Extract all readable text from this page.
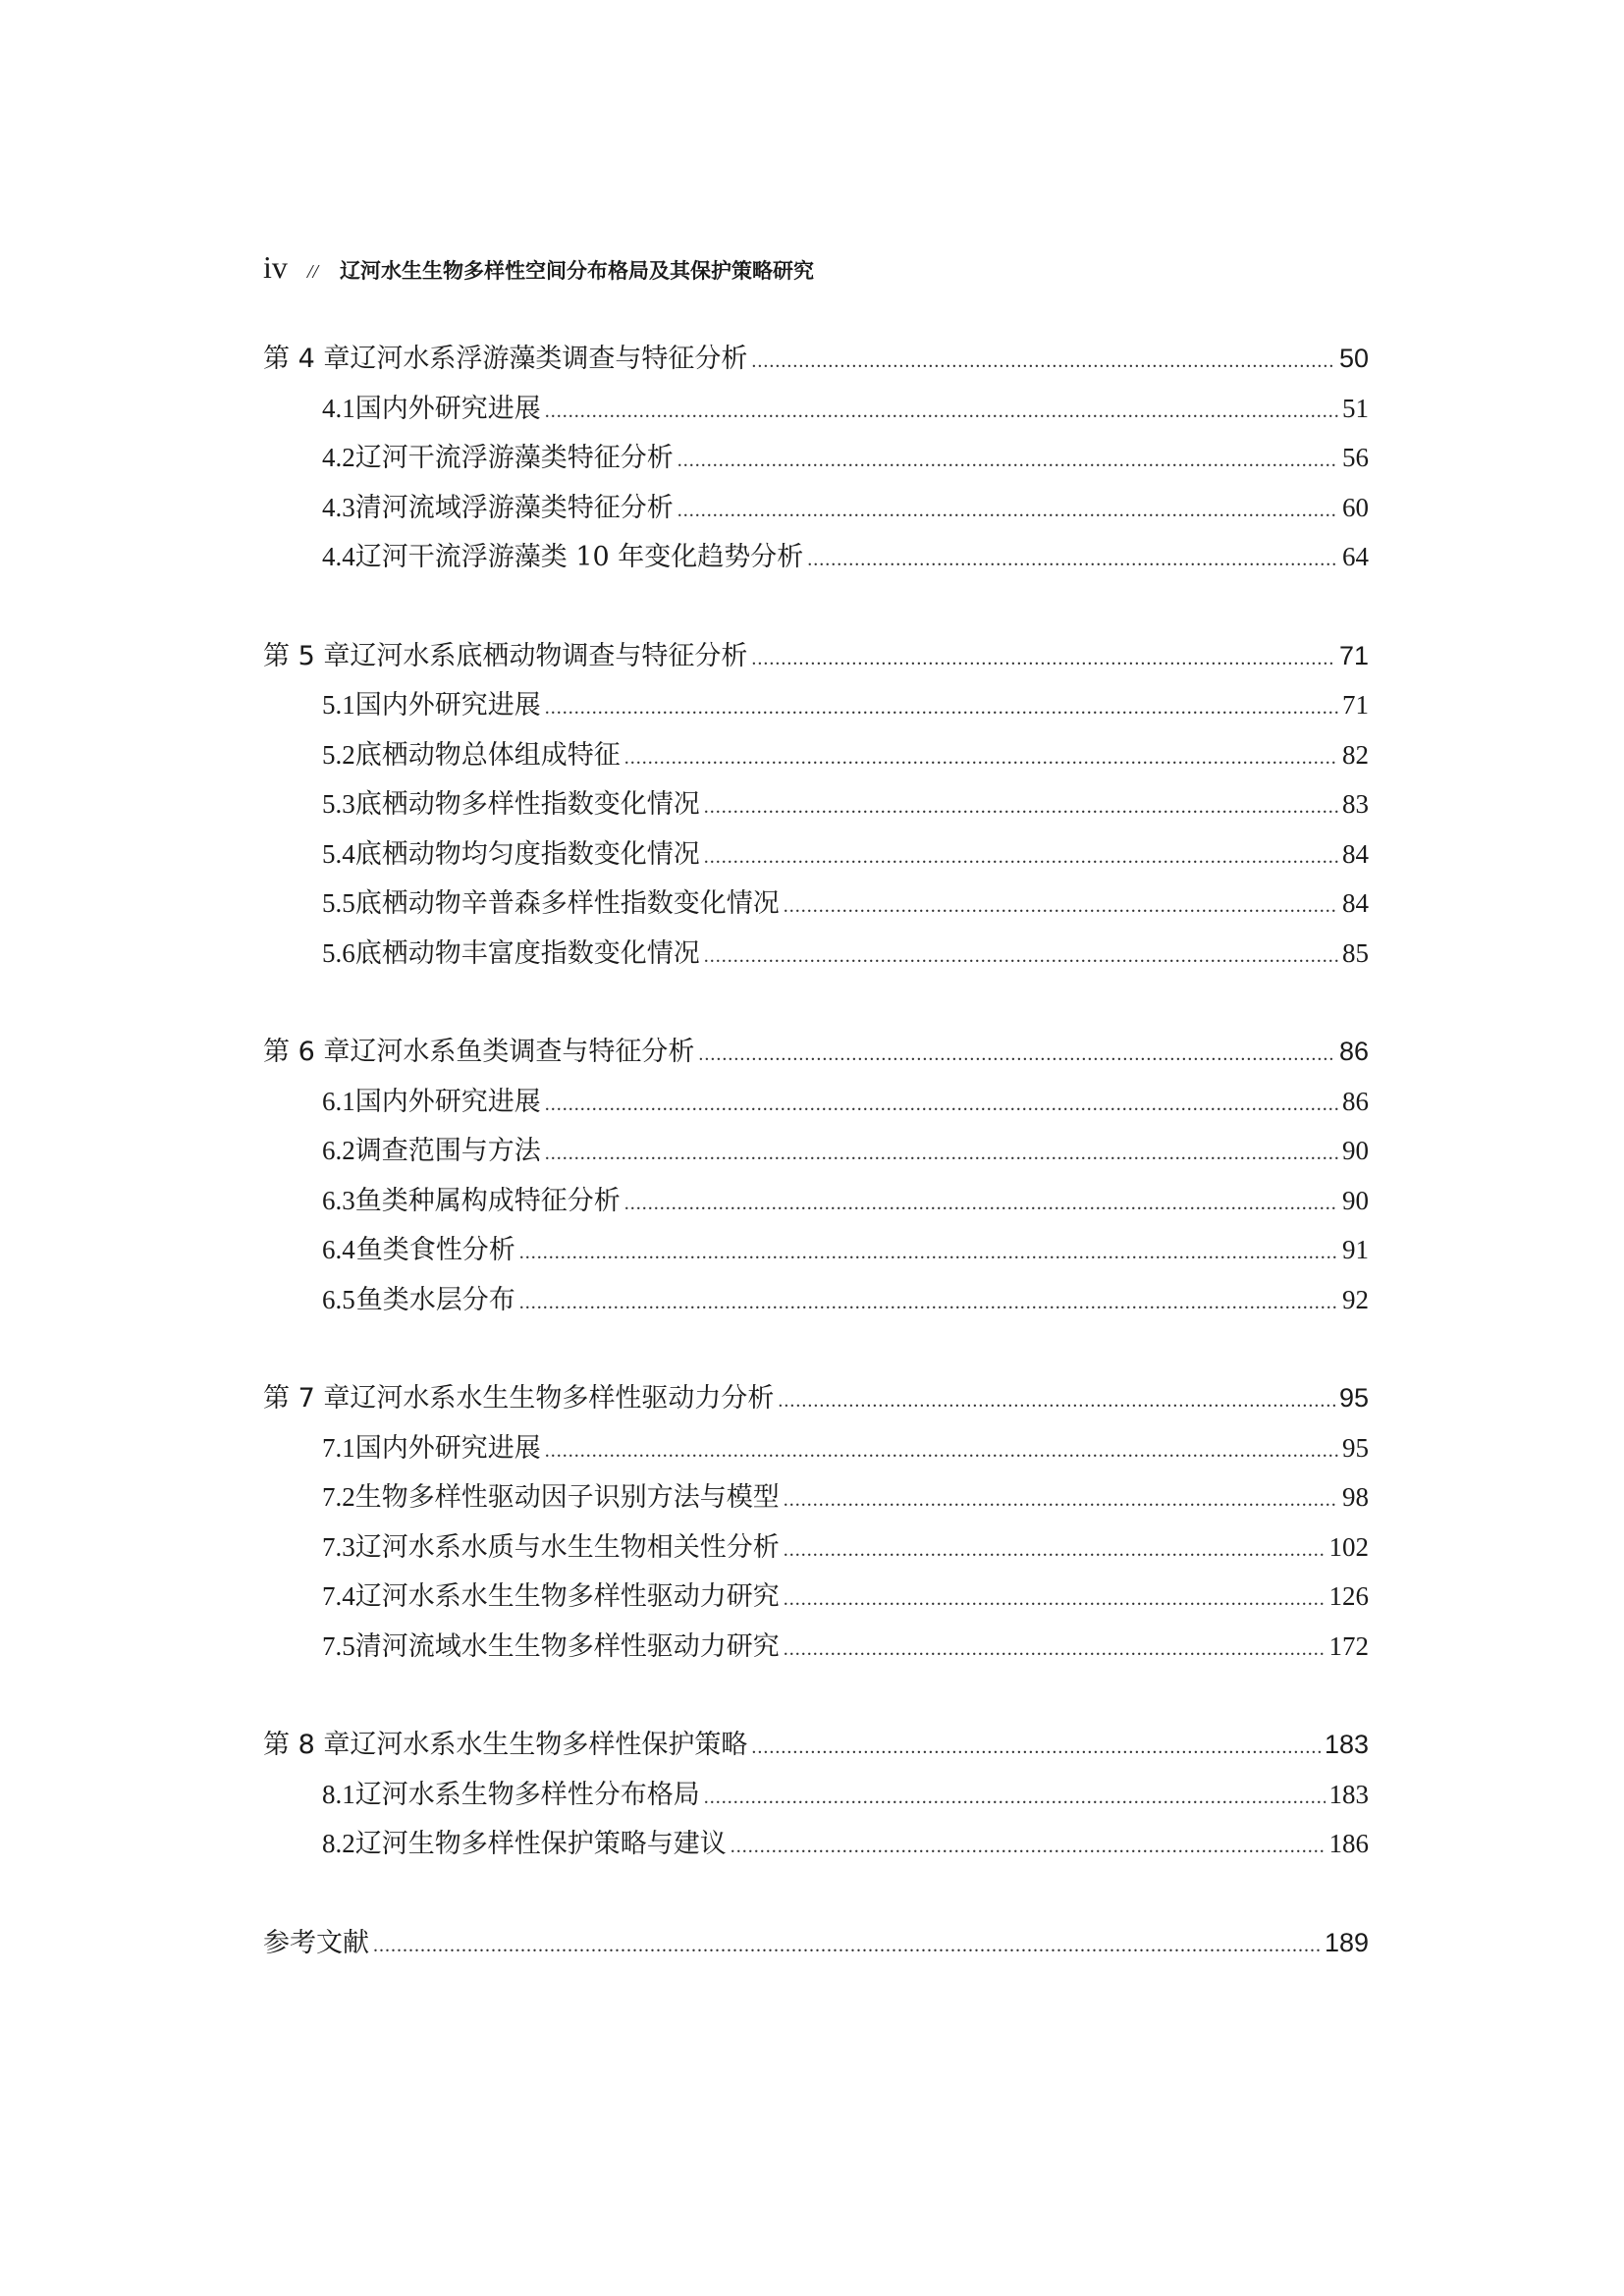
iv // 辽河水生生物多样性空间分布格局及其保护策略研究
第 4 章 辽河水系浮游藻类调查与特征分析 .....	50
4.1 国内外研究进展 .....	51
4.2 辽河干流浮游藻类特征分析 .....	56
4.3 清河流域浮游藻类特征分析 .....	60
4.4 辽河干流浮游藻类 10 年变化趋势分析 .....	64
第 5 章 辽河水系底栖动物调查与特征分析 .....	71
5.1 国内外研究进展 .....	71
5.2 底栖动物总体组成特征 .....	82
5.3 底栖动物多样性指数变化情况 .....	83
5.4 底栖动物均匀度指数变化情况 .....	84
5.5 底栖动物辛普森多样性指数变化情况 .....	84
5.6 底栖动物丰富度指数变化情况 .....	85
第 6 章 辽河水系鱼类调查与特征分析 .....	86
6.1 国内外研究进展 .....	86
6.2 调查范围与方法 .....	90
6.3 鱼类种属构成特征分析 .....	90
6.4 鱼类食性分析 .....	91
6.5 鱼类水层分布 .....	92
第 7 章 辽河水系水生生物多样性驱动力分析 .....	95
7.1 国内外研究进展 .....	95
7.2 生物多样性驱动因子识别方法与模型 .....	98
7.3 辽河水系水质与水生生物相关性分析 .....	102
7.4 辽河水系水生生物多样性驱动力研究 .....	126
7.5 清河流域水生生物多样性驱动力研究 .....	172
第 8 章 辽河水系水生生物多样性保护策略 .....	183
8.1 辽河水系生物多样性分布格局 .....	183
8.2 辽河生物多样性保护策略与建议 .....	186
参考文献 .....	189
